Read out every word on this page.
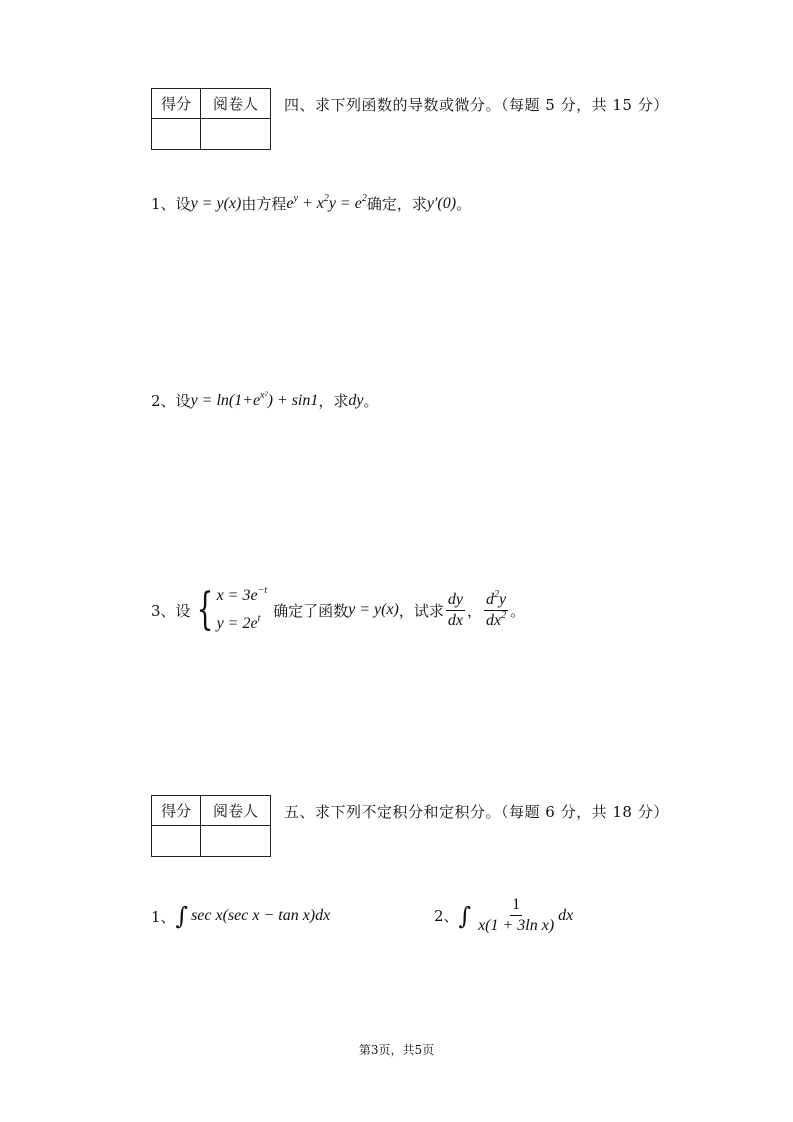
得分	阅卷人
	四、求下列函数的导数或微分。（每题 5 分，共 15 分）
1、 设 y = y(x) 由方程 $e^y + x^2y = e^2$ 确定，求 y′(0) 。
2、 设 $y = \ln(1+e^{x^2}) + \sin 1$ ，求 dy 。
3、 设 { $x = 3e^{-t}$
$y = 2e^t$ 确定了函数 y = y(x) ，试求 $\frac{dy}{dx}$ ， $\frac{d^2y}{dx^2}$ 。
得分	阅卷人
	五、求下列不定积分和定积分。（每题 6 分，共 18 分）
1、 ∫ sec x(sec x − tan x)dx	2、 ∫ $\frac{1}{\text{x(1 + 3ln x)}}$ dx
第3页，共5页
